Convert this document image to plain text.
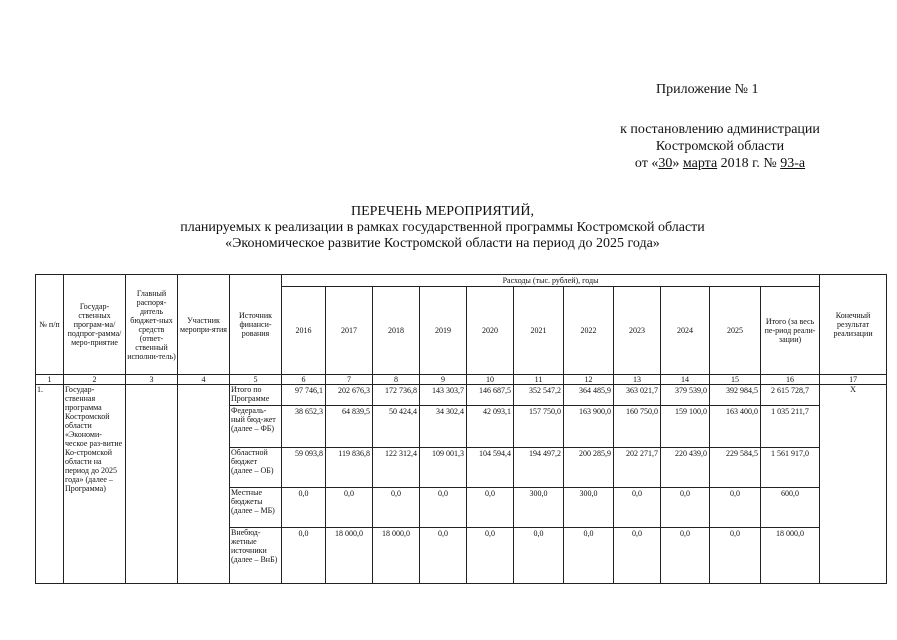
Приложение № 1
к постановлению администрации
Костромской области
от «30» марта 2018 г. № 93-а
ПЕРЕЧЕНЬ МЕРОПРИЯТИЙ,
планируемых к реализации в рамках государственной программы Костромской области
«Экономическое развитие Костромской области на период до 2025 года»
№ п/п	Государ-ственных програм-ма/подпрог-рамма/меро-приятие	Главный распоря-дитель бюджет-ных средств (ответ-ственный исполни-тель)	Участник меропри-ятия	Источник финанси-рования	Расходы (тыс. рублей), годы											Конечный результат реализации
					2016	2017	2018	2019	2020	2021	2022	2023	2024	2025	Итого (за весь пе-риод реали-зации)	
1	2	3	4	5	6	7	8	9	10	11	12	13	14	15	16	17
1.	Государ-ственная программа Костромской области «Экономи-ческое раз-витие Ко-стромской области на период до 2025 года» (далее – Программа)			Итого по Программе	97 746,1	202 676,3	172 736,8	143 303,7	146 687,5	352 547,2	364 485,9	363 021,7	379 539,0	392 984,5	2 615 728,7	Х
				Федераль-ный бюд-жет (далее – ФБ)	38 652,3	64 839,5	50 424,4	34 302,4	42 093,1	157 750,0	163 900,0	160 750,0	159 100,0	163 400,0	1 035 211,7	
				Областной бюджет (далее – ОБ)	59 093,8	119 836,8	122 312,4	109 001,3	104 594,4	194 497,2	200 285,9	202 271,7	220 439,0	229 584,5	1 561 917,0	
				Местные бюджеты (далее – МБ)	0,0	0,0	0,0	0,0	0,0	300,0	300,0	0,0	0,0	0,0	600,0	
				Внебюд-жетные источники (далее – ВнБ)	0,0	18 000,0	18 000,0	0,0	0,0	0,0	0,0	0,0	0,0	0,0	18 000,0	
